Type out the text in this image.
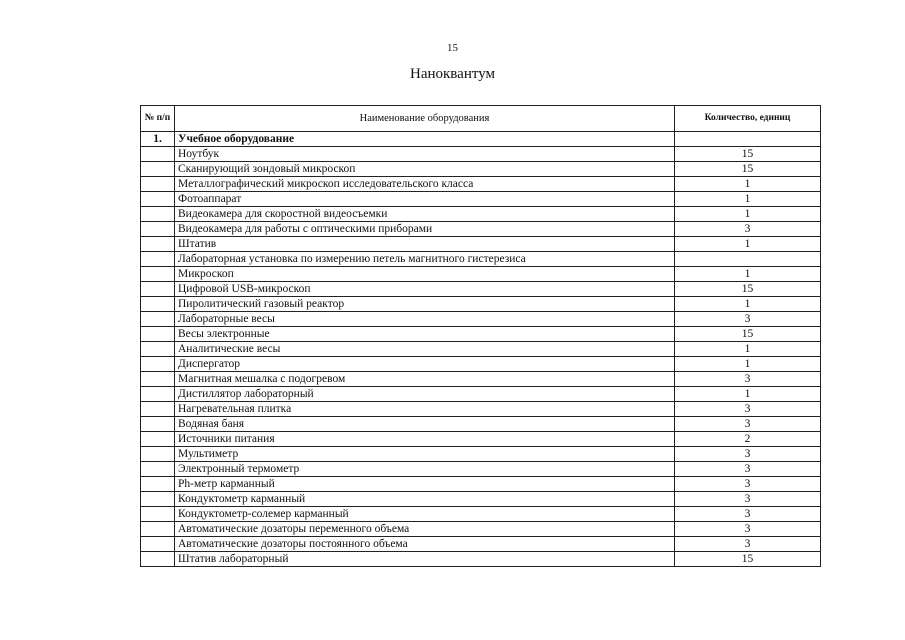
15
Наноквантум
№ п/п	Наименование оборудования	Количество, единиц
1.	Учебное оборудование	
	Ноутбук	15
	Сканирующий зондовый микроскоп	15
	Металлографический микроскоп исследовательского класса	1
	Фотоаппарат	1
	Видеокамера для скоростной видеосъемки	1
	Видеокамера для работы с оптическими приборами	3
	Штатив	1
	Лабораторная установка по измерению петель магнитного гистерезиса	
	Микроскоп	1
	Цифровой USB-микроскоп	15
	Пиролитический газовый реактор	1
	Лабораторные весы	3
	Весы электронные	15
	Аналитические весы	1
	Диспергатор	1
	Магнитная мешалка с подогревом	3
	Дистиллятор лабораторный	1
	Нагревательная плитка	3
	Водяная баня	3
	Источники питания	2
	Мультиметр	3
	Электронный термометр	3
	Ph-метр карманный	3
	Кондуктометр карманный	3
	Кондуктометр-солемер карманный	3
	Автоматические дозаторы переменного объема	3
	Автоматические дозаторы постоянного объема	3
	Штатив лабораторный	15
